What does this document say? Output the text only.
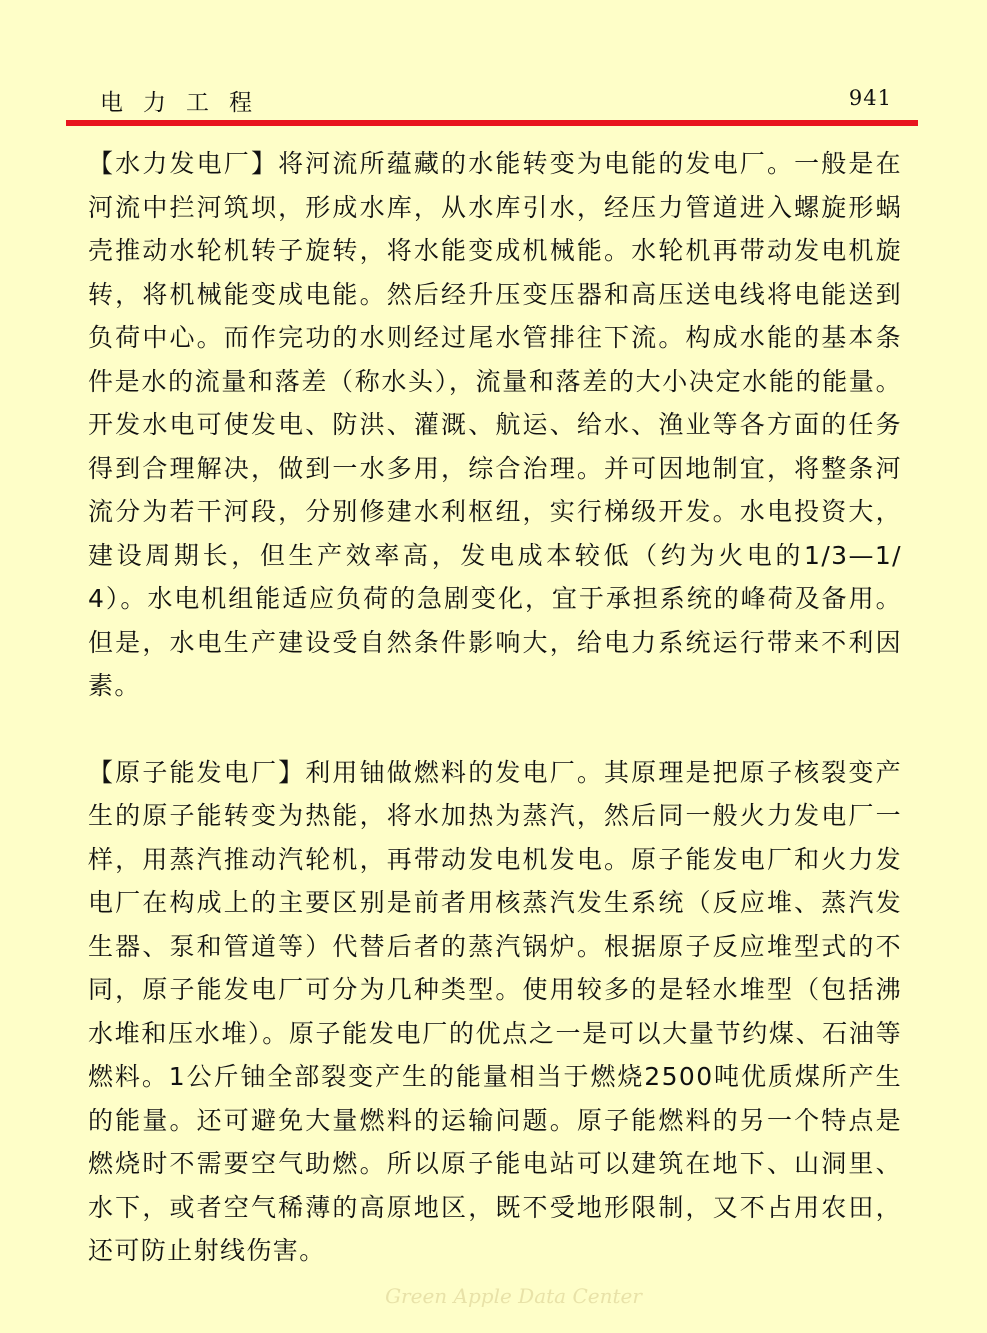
电力工程	941

【水力发电厂】将河流所蕴藏的水能转变为电能的发电厂。一般是在河流中拦河筑坝，形成水库，从水库引水，经压力管道进入螺旋形蜗壳推动水轮机转子旋转，将水能变成机械能。水轮机再带动发电机旋转，将机械能变成电能。然后经升压变压器和高压送电线将电能送到负荷中心。而作完功的水则经过尾水管排往下流。构成水能的基本条件是水的流量和落差（称水头），流量和落差的大小决定水能的能量。开发水电可使发电、防洪、灌溉、航运、给水、渔业等各方面的任务得到合理解决，做到一水多用，综合治理。并可因地制宜，将整条河流分为若干河段，分别修建水利枢纽，实行梯级开发。水电投资大，建设周期长，但生产效率高，发电成本较低（约为火电的1/3—1/4）。水电机组能适应负荷的急剧变化，宜于承担系统的峰荷及备用。但是，水电生产建设受自然条件影响大，给电力系统运行带来不利因素。

【原子能发电厂】利用铀做燃料的发电厂。其原理是把原子核裂变产生的原子能转变为热能，将水加热为蒸汽，然后同一般火力发电厂一样，用蒸汽推动汽轮机，再带动发电机发电。原子能发电厂和火力发电厂在构成上的主要区别是前者用核蒸汽发生系统（反应堆、蒸汽发生器、泵和管道等）代替后者的蒸汽锅炉。根据原子反应堆型式的不同，原子能发电厂可分为几种类型。使用较多的是轻水堆型（包括沸水堆和压水堆）。原子能发电厂的优点之一是可以大量节约煤、石油等燃料。1公斤铀全部裂变产生的能量相当于燃烧2500吨优质煤所产生的能量。还可避免大量燃料的运输问题。原子能燃料的另一个特点是燃烧时不需要空气助燃。所以原子能电站可以建筑在地下、山洞里、水下，或者空气稀薄的高原地区，既不受地形限制，又不占用农田，还可防止射线伤害。

Green Apple Data Center
